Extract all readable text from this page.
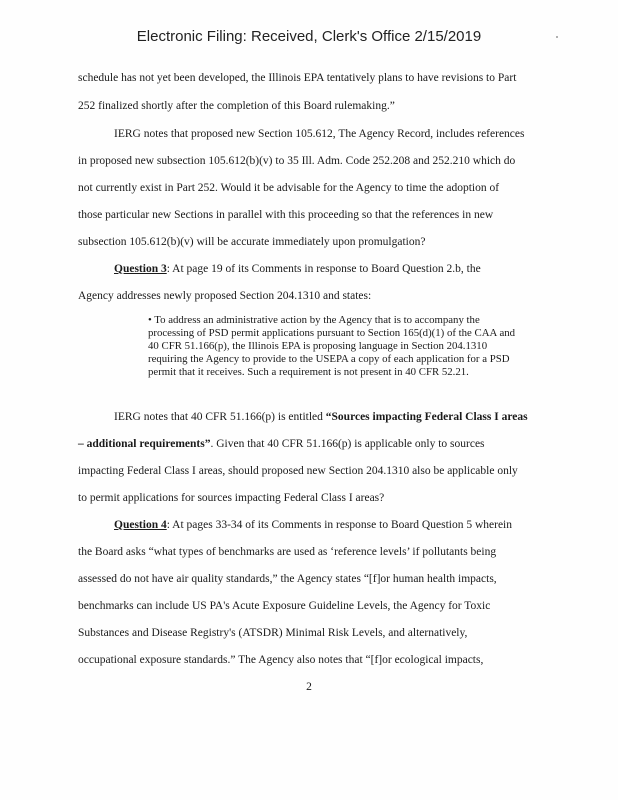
Electronic Filing: Received, Clerk's Office 2/15/2019
schedule has not yet been developed, the Illinois EPA tentatively plans to have revisions to Part
252 finalized shortly after the completion of this Board rulemaking.”
IERG notes that proposed new Section 105.612, The Agency Record, includes references
in proposed new subsection 105.612(b)(v) to 35 Ill. Adm. Code 252.208 and 252.210 which do
not currently exist in Part 252. Would it be advisable for the Agency to time the adoption of
those particular new Sections in parallel with this proceeding so that the references in new
subsection 105.612(b)(v) will be accurate immediately upon promulgation?
Question 3: At page 19 of its Comments in response to Board Question 2.b, the
Agency addresses newly proposed Section 204.1310 and states:

• To address an administrative action by the Agency that is to accompany the processing of PSD permit applications pursuant to Section 165(d)(1) of the CAA and 40 CFR 51.166(p), the Illinois EPA is proposing language in Section 204.1310 requiring the Agency to provide to the USEPA a copy of each application for a PSD permit that it receives. Such a requirement is not present in 40 CFR 52.21.

IERG notes that 40 CFR 51.166(p) is entitled “Sources impacting Federal Class I areas
– additional requirements”. Given that 40 CFR 51.166(p) is applicable only to sources
impacting Federal Class I areas, should proposed new Section 204.1310 also be applicable only
to permit applications for sources impacting Federal Class I areas?
Question 4: At pages 33-34 of its Comments in response to Board Question 5 wherein
the Board asks “what types of benchmarks are used as ‘reference levels’ if pollutants being
assessed do not have air quality standards,” the Agency states “[f]or human health impacts,
benchmarks can include US PA's Acute Exposure Guideline Levels, the Agency for Toxic
Substances and Disease Registry's (ATSDR) Minimal Risk Levels, and alternatively,
occupational exposure standards.” The Agency also notes that “[f]or ecological impacts,
2
